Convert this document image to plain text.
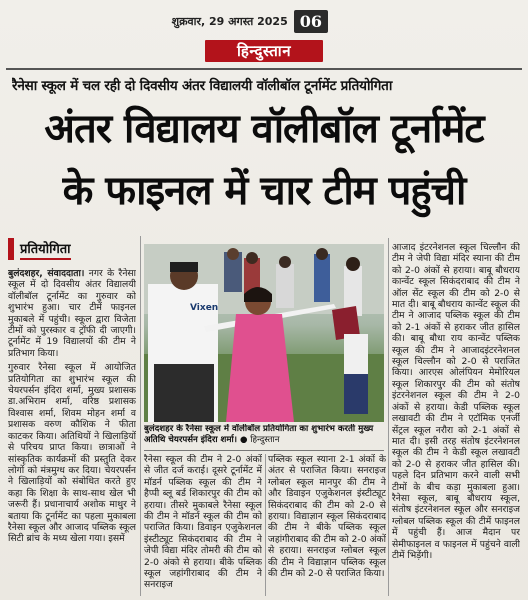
शुक्रवार, 29 अगस्त 2025 06
हिन्दुस्तान
रैनेसा स्कूल में चल रही दो दिवसीय अंतर विद्यालयी वॉलीबॉल टूर्नामेंट प्रतियोगिता
अंतर विद्यालय वॉलीबॉल टूर्नामेंट
के फाइनल में चार टीम पहुंची
प्रतियोगिता

बुलंदशहर, संवाददाता। नगर के रैनेसा स्कूल में दो दिवसीय अंतर विद्यालयी वॉलीबॉल टूर्नामेंट का गुरुवार को शुभारंभ हुआ। चार टीमें फाइनल मुकाबले में पहुंची। स्कूल द्वारा विजेता टीमों को पुरस्कार व ट्रॉफी दी जाएगी। टूर्नामेंट में 19 विद्यालयों की टीम ने प्रतिभाग किया।

गुरुवार रैनेसा स्कूल में आयोजित प्रतियोगिता का शुभारंभ स्कूल की चेयरपर्सन इंदिरा शर्मा, मुख्य प्रशासक डा.अभिराम शर्मा, वरिष्ठ प्रशासक विश्वास शर्मा, शिवम मोहन शर्मा व प्रशासक वरुण कौशिक ने फीता काटकर किया। अतिथियों ने खिलाड़ियों से परिचय प्राप्त किया। छात्राओं ने सांस्कृतिक कार्यक्रमों की प्रस्तुति देकर लोगों को मंत्रमुग्ध कर दिया। चेयरपर्सन ने खिलाड़ियों को संबोधित करते हुए कहा कि शिक्षा के साथ-साथ खेल भी जरूरी हैं। प्रधानाचार्य अशोक माथुर ने बताया कि टूर्नामेंट का पहला मुकाबला रैनेसा स्कूल और आजाद पब्लिक स्कूल सिटी ब्रांच के मध्य खेला गया। इसमें

Vixen
बुलंदशहर के रैनेसा स्कूल में वॉलीबॉल प्रतियोगिता का शुभारंभ करती मुख्य अतिथि चेयरपर्सन इंदिरा शर्मा। ● हिन्दुस्तान
रैनेसा स्कूल की टीम ने 2-0 अंकों से जीत दर्ज कराई। दूसरे टूर्नामेंट में मॉडर्न पब्लिक स्कूल की टीम ने हैप्पी ब्लू बर्ड शिकारपुर की टीम को हराया। तीसरे मुकाबले रैनेसा स्कूल की टीम ने मॉडर्न स्कूल की टीम को पराजित किया। डिवाइन एजुकेशनल इंस्टीट्यूट सिकंदराबाद की टीम ने जेपी विद्या मंदिर तोमरी की टीम को 2-0 अंको से हराया। बीके पब्लिक स्कूल जहांगीराबाद की टीम ने सनराइज
पब्लिक स्कूल स्याना 2-1 अंकों के अंतर से पराजित किया। सनराइज ग्लोबल स्कूल मानपुर की टीम ने और डिवाइन एजुकेशनल इंस्टीट्यूट सिकंदराबाद की टीम को 2-0 से हराया। विद्याज्ञान स्कूल सिकंदराबाद की टीम ने बीके पब्लिक स्कूल जहांगीराबाद की टीम को 2-0 अंकों से हराया। सनराइज ग्लोबल स्कूल की टीम ने विद्याज्ञान पब्लिक स्कूल की टीम को 2-0 से पराजित किया।
आजाद इंटरनेशनल स्कूल चिल्लौन की टीम ने जेपी विद्या मंदिर स्याना की टीम को 2-0 अंकों से हराया। बाबू बौधराय कान्वेंट स्कूल सिकंदराबाद की टीम ने ऑल सेंट स्कूल की टीम को 2-0 से मात दी। बाबू बौधराय कान्वेंट स्कूल की टीम ने आजाद पब्लिक स्कूल की टीम को 2-1 अंकों से हराकर जीत हासिल की। बाबू बौधा राय कान्वेंट पब्लिक स्कूल की टीम ने आजादइंटरनेशनल स्कूल चिल्लौन को 2-0 से पराजित किया। आरएस ओलंपियन मेमोरियल स्कूल शिकारपुर की टीम को संतोष इंटरनेशनल स्कूल की टीम ने 2-0 अंकों से हराया। केडी पब्लिक स्कूल लखावटी की टीम ने एटॉमिक एनर्जी सेंट्रल स्कूल नरौरा को 2-1 अंकों से मात दी। इसी तरह संतोष इंटरनेशनल स्कूल की टीम ने केडी स्कूल लखावटी को 2-0 से हराकर जीत हासिल की। पहले दिन प्रतिभाग करने वाली सभी टीमों के बीच कड़ा मुकाबला हुआ। रैनेसा स्कूल, बाबू बौधराय स्कूल, संतोष इंटरनेशनल स्कूल और सनराइज ग्लोबल पब्लिक स्कूल की टीमें फाइनल में पहुंची हैं। आज मैदान पर सेमीफाइनल व फाइनल में पहुंचने वाली टीमें भिड़ेंगी।
